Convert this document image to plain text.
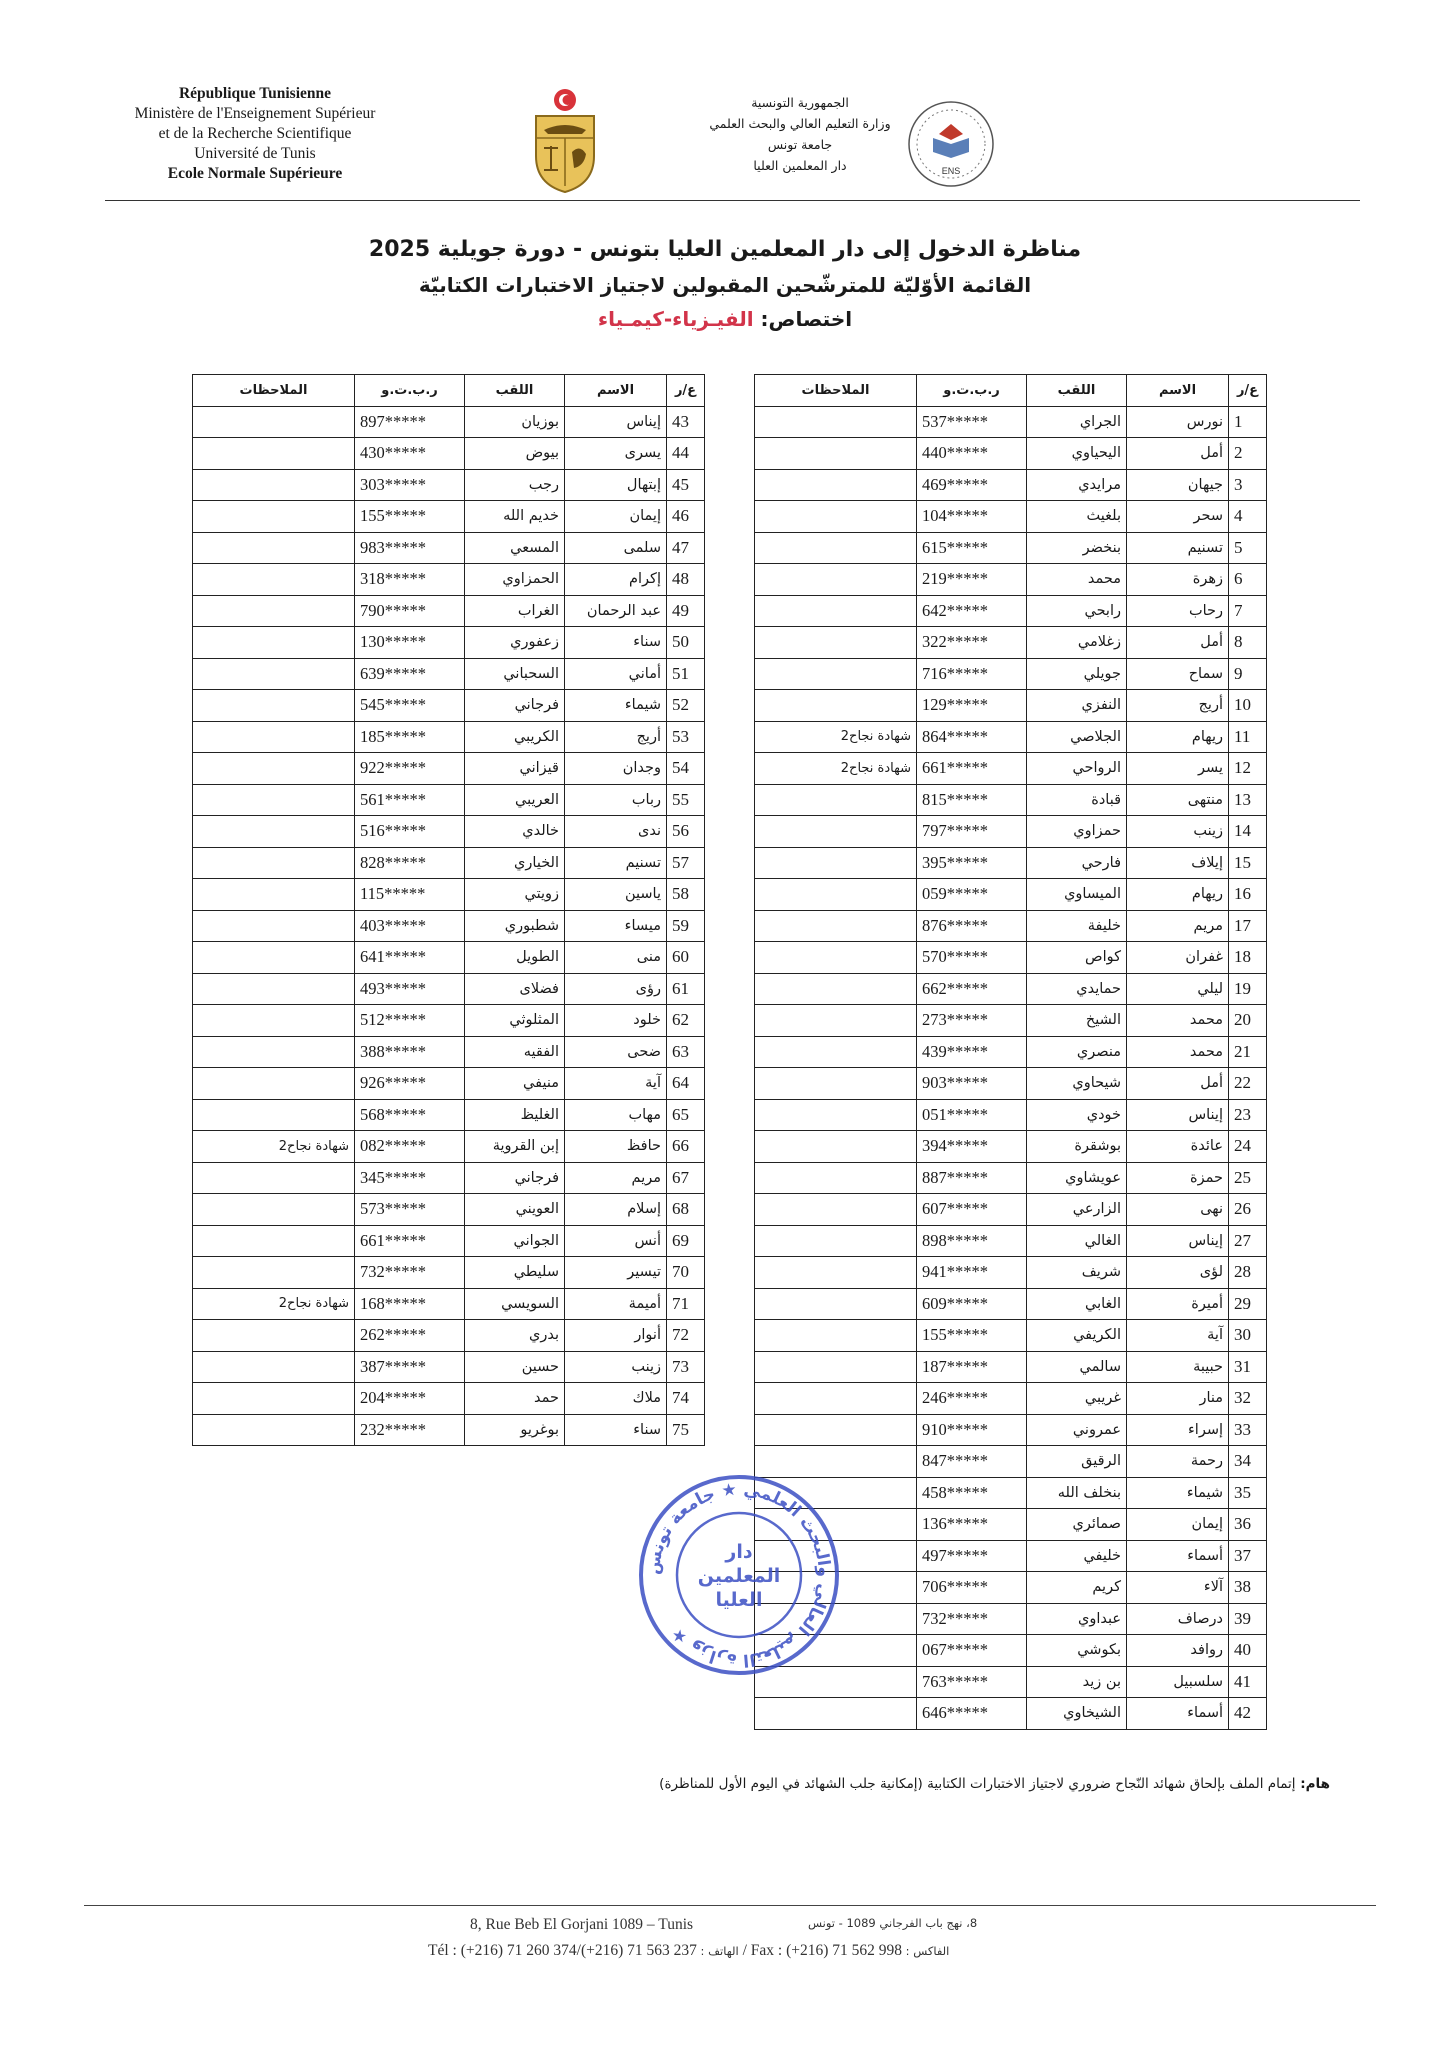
République Tunisienne
Ministère de l'Enseignement Supérieur
et de la Recherche Scientifique
Université de Tunis
Ecole Normale Supérieure
الجمهورية التونسية
وزارة التعليم العالي والبحث العلمي
جامعة تونس
دار المعلمين العليا	ENS
مناظرة الدخول إلى دار المعلمين العليا بتونس - دورة جويلية 2025
القائمة الأوّليّة للمترشّحين المقبولين لاجتياز الاختبارات الكتابيّة
اختصاص: الفيـزياء-كيمـياء
ع/ر	الاسم	اللقب	ر.ب.ت.و	الملاحظات
1	نورس	الجراي	537*****	
2	أمل	اليحياوي	440*****	
3	جيهان	مرايدي	469*****	
4	سحر	بلغيث	104*****	
5	تسنيم	بنخضر	615*****	
6	زهرة	محمد	219*****	
7	رحاب	رابحي	642*****	
8	أمل	زغلامي	322*****	
9	سماح	جويلي	716*****	
10	أريج	النفزي	129*****	
11	ريهام	الجلاصي	864*****	شهادة نجاح2
12	يسر	الرواحي	661*****	شهادة نجاح2
13	منتهى	قبادة	815*****	
14	زينب	حمزاوي	797*****	
15	إيلاف	فارحي	395*****	
16	ريهام	الميساوي	059*****	
17	مريم	خليفة	876*****	
18	غفران	كواص	570*****	
19	ليلي	حمايدي	662*****	
20	محمد	الشيخ	273*****	
21	محمد	منصري	439*****	
22	أمل	شيحاوي	903*****	
23	إيناس	خودي	051*****	
24	عائدة	بوشقرة	394*****	
25	حمزة	عويشاوي	887*****	
26	نهى	الزارعي	607*****	
27	إيناس	الغالي	898*****	
28	لؤى	شريف	941*****	
29	أميرة	الغابي	609*****	
30	آية	الكريفي	155*****	
31	حبيبة	سالمي	187*****	
32	منار	غريبي	246*****	
33	إسراء	عمروني	910*****	
34	رحمة	الرقيق	847*****	
35	شيماء	بنخلف الله	458*****	
36	إيمان	صمائري	136*****	
37	أسماء	خليفي	497*****	
38	آلاء	كريم	706*****	
39	درصاف	عبداوي	732*****	
40	روافد	بكوشي	067*****	
41	سلسبيل	بن زيد	763*****	
42	أسماء	الشيخاوي	646*****	
ع/ر	الاسم	اللقب	ر.ب.ت.و	الملاحظات
43	إيناس	بوزيان	897*****	
44	يسرى	بيوض	430*****	
45	إبتهال	رجب	303*****	
46	إيمان	خديم الله	155*****	
47	سلمى	المسعي	983*****	
48	إكرام	الحمزاوي	318*****	
49	عبد الرحمان	الغراب	790*****	
50	سناء	زعفوري	130*****	
51	أماني	السحباني	639*****	
52	شيماء	فرجاني	545*****	
53	أريج	الكريبي	185*****	
54	وجدان	قيزاني	922*****	
55	رباب	العريبي	561*****	
56	ندى	خالدي	516*****	
57	تسنيم	الخياري	828*****	
58	ياسين	زويتي	115*****	
59	ميساء	شطبوري	403*****	
60	منى	الطويل	641*****	
61	رؤى	فضلاى	493*****	
62	خلود	المثلوثي	512*****	
63	ضحى	الفقيه	388*****	
64	آية	منيفي	926*****	
65	مهاب	الغليظ	568*****	
66	حافظ	إبن القروية	082*****	شهادة نجاح2
67	مريم	فرجاني	345*****	
68	إسلام	العويني	573*****	
69	أنس	الجواني	661*****	
70	تيسير	سليطي	732*****	
71	أميمة	السويسي	168*****	شهادة نجاح2
72	أنوار	بدري	262*****	
73	زينب	حسين	387*****	
74	ملاك	حمد	204*****	
75	سناء	بوغريو	232*****	
وزارة التعليم العالي والبحث العلمي ★ جامعة تونس ★
دار
المعلمين
العليا
هام: إتمام الملف بإلحاق شهائد النّجاح ضروري لاجتياز الاختبارات الكتابية (إمكانية جلب الشهائد في اليوم الأول للمناظرة)
8, Rue Beb El Gorjani 1089 – Tunis	8، نهج باب الفرجاني 1089 - تونس
Tél : (+216) 71 260 374/(+216) 71 563 237 : الهاتف / Fax : (+216) 71 562 998 : الفاكس
